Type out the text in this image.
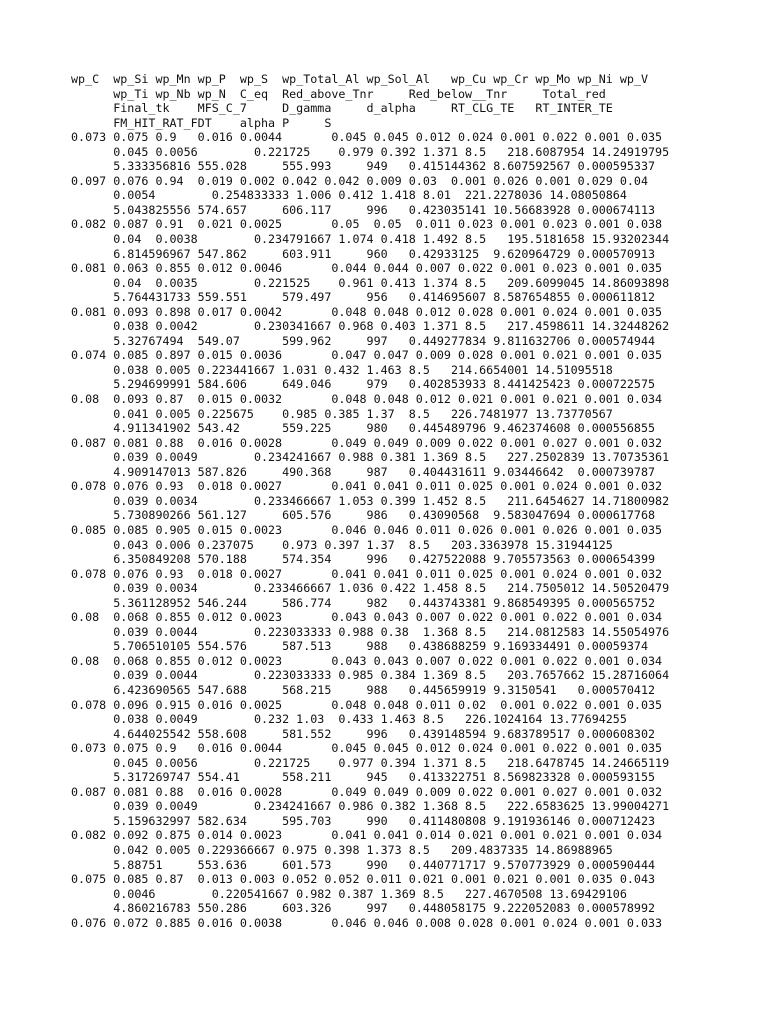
wp_C  wp_Si wp_Mn wp_P  wp_S  wp_Total_Al wp_Sol_Al   wp_Cu wp_Cr wp_Mo wp_Ni wp_V
wp_Ti wp_Nb wp_N  C_eq  Red_above_Tnr     Red_below__Tnr     Total_red
Final_tk    MFS_C_7     D_gamma     d_alpha     RT_CLG_TE   RT_INTER_TE
FM_HIT_RAT_FDT    alpha P     S
0.073 0.075 0.9   0.016 0.0044       0.045 0.045 0.012 0.024 0.001 0.022 0.001 0.035
0.045 0.0056        0.221725    0.979 0.392 1.371 8.5   218.6087954 14.24919795
5.333356816 555.028     555.993     949   0.415144362 8.607592567 0.000595337
0.097 0.076 0.94  0.019 0.002 0.042 0.042 0.009 0.03  0.001 0.026 0.001 0.029 0.04
0.0054        0.254833333 1.006 0.412 1.418 8.01  221.2278036 14.08050864
5.043825556 574.657     606.117     996   0.423035141 10.56683928 0.000674113
0.082 0.087 0.91  0.021 0.0025       0.05  0.05  0.011 0.023 0.001 0.023 0.001 0.038
0.04  0.0038        0.234791667 1.074 0.418 1.492 8.5   195.5181658 15.93202344
6.814596967 547.862     603.911     960   0.42933125  9.620964729 0.000570913
0.081 0.063 0.855 0.012 0.0046       0.044 0.044 0.007 0.022 0.001 0.023 0.001 0.035
0.04  0.0035        0.221525    0.961 0.413 1.374 8.5   209.6099045 14.86093898
5.764431733 559.551     579.497     956   0.414695607 8.587654855 0.000611812
0.081 0.093 0.898 0.017 0.0042       0.048 0.048 0.012 0.028 0.001 0.024 0.001 0.035
0.038 0.0042        0.230341667 0.968 0.403 1.371 8.5   217.4598611 14.32448262
5.32767494  549.07      599.962     997   0.449277834 9.811632706 0.000574944
0.074 0.085 0.897 0.015 0.0036       0.047 0.047 0.009 0.028 0.001 0.021 0.001 0.035
0.038 0.005 0.223441667 1.031 0.432 1.463 8.5   214.6654001 14.51095518
5.294699991 584.606     649.046     979   0.402853933 8.441425423 0.000722575
0.08  0.093 0.87  0.015 0.0032       0.048 0.048 0.012 0.021 0.001 0.021 0.001 0.034
0.041 0.005 0.225675    0.985 0.385 1.37  8.5   226.7481977 13.73770567
4.911341902 543.42      559.225     980   0.445489796 9.462374608 0.000556855
0.087 0.081 0.88  0.016 0.0028       0.049 0.049 0.009 0.022 0.001 0.027 0.001 0.032
0.039 0.0049        0.234241667 0.988 0.381 1.369 8.5   227.2502839 13.70735361
4.909147013 587.826     490.368     987   0.404431611 9.03446642  0.000739787
0.078 0.076 0.93  0.018 0.0027       0.041 0.041 0.011 0.025 0.001 0.024 0.001 0.032
0.039 0.0034        0.233466667 1.053 0.399 1.452 8.5   211.6454627 14.71800982
5.730890266 561.127     605.576     986   0.43090568  9.583047694 0.000617768
0.085 0.085 0.905 0.015 0.0023       0.046 0.046 0.011 0.026 0.001 0.026 0.001 0.035
0.043 0.006 0.237075    0.973 0.397 1.37  8.5   203.3363978 15.31944125
6.350849208 570.188     574.354     996   0.427522088 9.705573563 0.000654399
0.078 0.076 0.93  0.018 0.0027       0.041 0.041 0.011 0.025 0.001 0.024 0.001 0.032
0.039 0.0034        0.233466667 1.036 0.422 1.458 8.5   214.7505012 14.50520479
5.361128952 546.244     586.774     982   0.443743381 9.868549395 0.000565752
0.08  0.068 0.855 0.012 0.0023       0.043 0.043 0.007 0.022 0.001 0.022 0.001 0.034
0.039 0.0044        0.223033333 0.988 0.38  1.368 8.5   214.0812583 14.55054976
5.706510105 554.576     587.513     988   0.438688259 9.169334491 0.00059374
0.08  0.068 0.855 0.012 0.0023       0.043 0.043 0.007 0.022 0.001 0.022 0.001 0.034
0.039 0.0044        0.223033333 0.985 0.384 1.369 8.5   203.7657662 15.28716064
6.423690565 547.688     568.215     988   0.445659919 9.3150541   0.000570412
0.078 0.096 0.915 0.016 0.0025       0.048 0.048 0.011 0.02  0.001 0.022 0.001 0.035
0.038 0.0049        0.232 1.03  0.433 1.463 8.5   226.1024164 13.77694255
4.644025542 558.608     581.552     996   0.439148594 9.683789517 0.000608302
0.073 0.075 0.9   0.016 0.0044       0.045 0.045 0.012 0.024 0.001 0.022 0.001 0.035
0.045 0.0056        0.221725    0.977 0.394 1.371 8.5   218.6478745 14.24665119
5.317269747 554.41      558.211     945   0.413322751 8.569823328 0.000593155
0.087 0.081 0.88  0.016 0.0028       0.049 0.049 0.009 0.022 0.001 0.027 0.001 0.032
0.039 0.0049        0.234241667 0.986 0.382 1.368 8.5   222.6583625 13.99004271
5.159632997 582.634     595.703     990   0.411480808 9.191936146 0.000712423
0.082 0.092 0.875 0.014 0.0023       0.041 0.041 0.014 0.021 0.001 0.021 0.001 0.034
0.042 0.005 0.229366667 0.975 0.398 1.373 8.5   209.4837335 14.86988965
5.88751     553.636     601.573     990   0.440771717 9.570773929 0.000590444
0.075 0.085 0.87  0.013 0.003 0.052 0.052 0.011 0.021 0.001 0.021 0.001 0.035 0.043
0.0046        0.220541667 0.982 0.387 1.369 8.5   227.4670508 13.69429106
4.860216783 550.286     603.326     997   0.448058175 9.222052083 0.000578992
0.076 0.072 0.885 0.016 0.0038       0.046 0.046 0.008 0.028 0.001 0.024 0.001 0.033
